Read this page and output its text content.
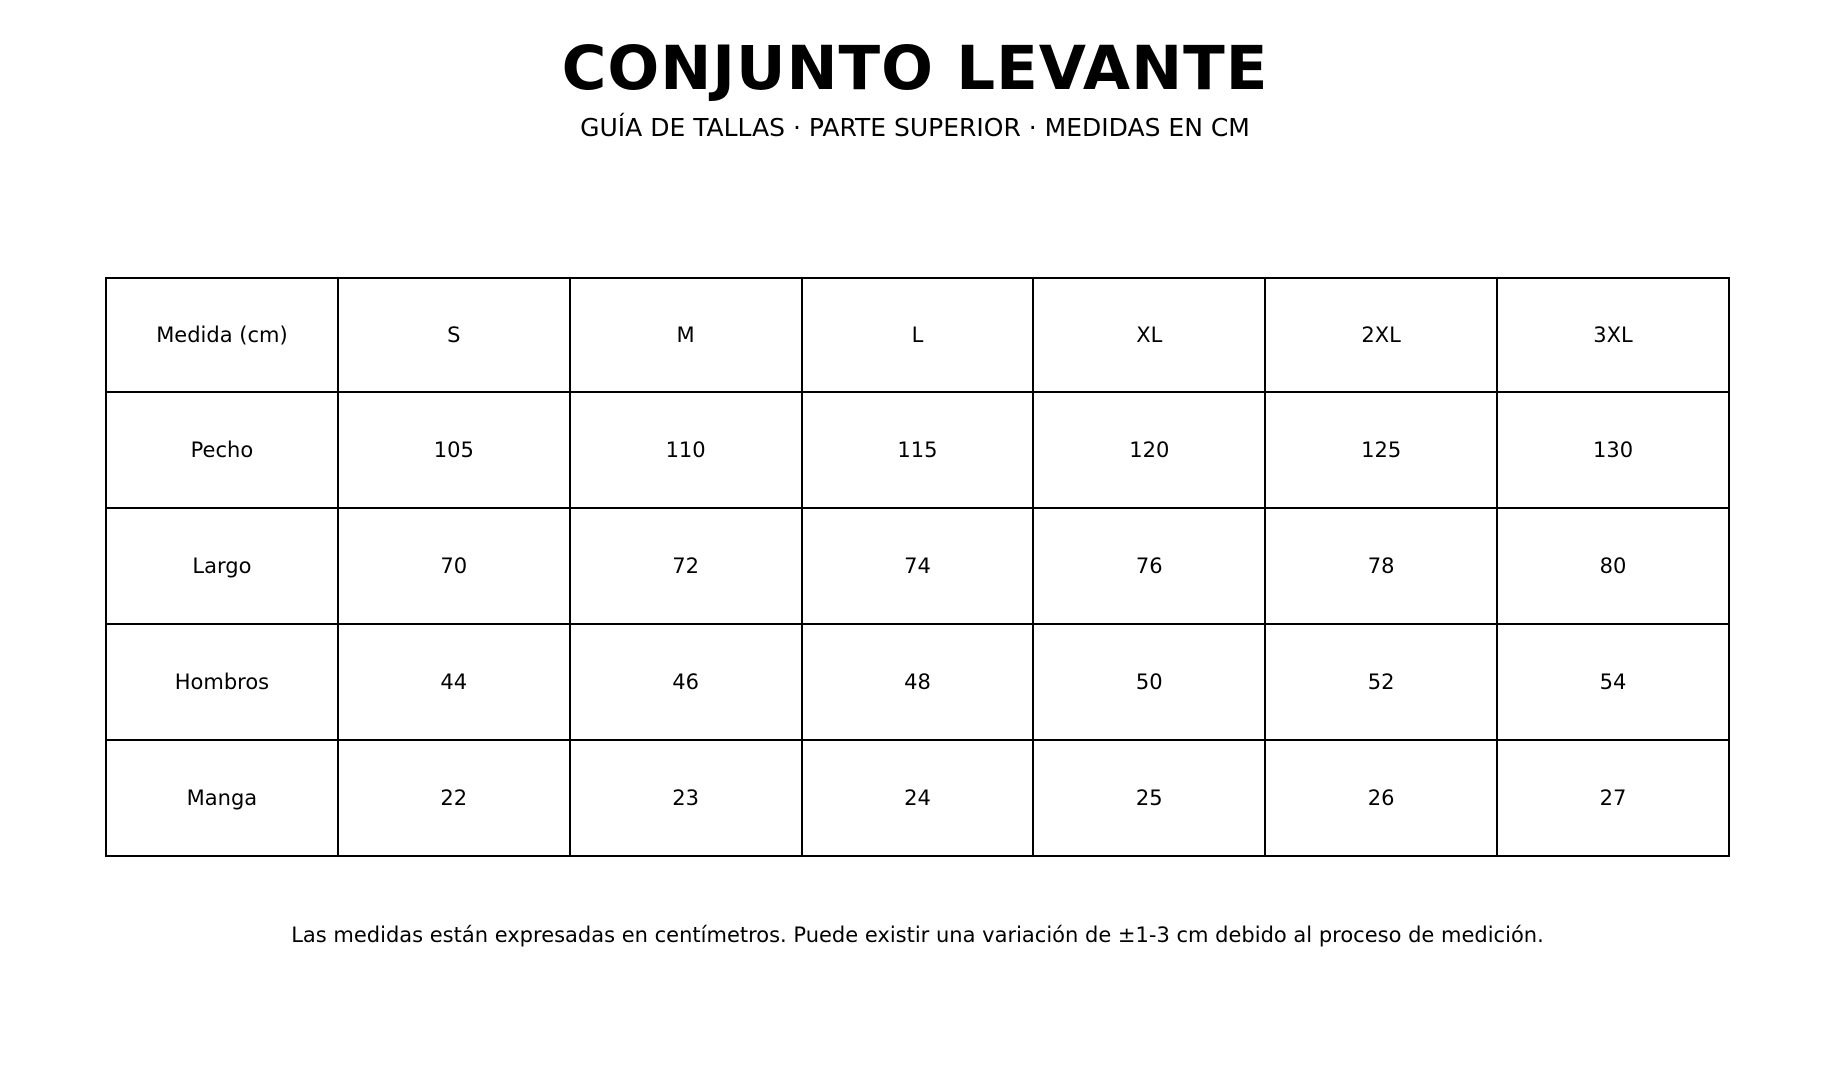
CONJUNTO LEVANTE

GUÍA DE TALLAS · PARTE SUPERIOR · MEDIDAS EN CM

Medida (cm)	S	M	L	XL	2XL	3XL
Pecho	105	110	115	120	125	130
Largo	70	72	74	76	78	80
Hombros	44	46	48	50	52	54
Manga	22	23	24	25	26	27

Las medidas están expresadas en centímetros. Puede existir una variación de ±1-3 cm debido al proceso de medición.
